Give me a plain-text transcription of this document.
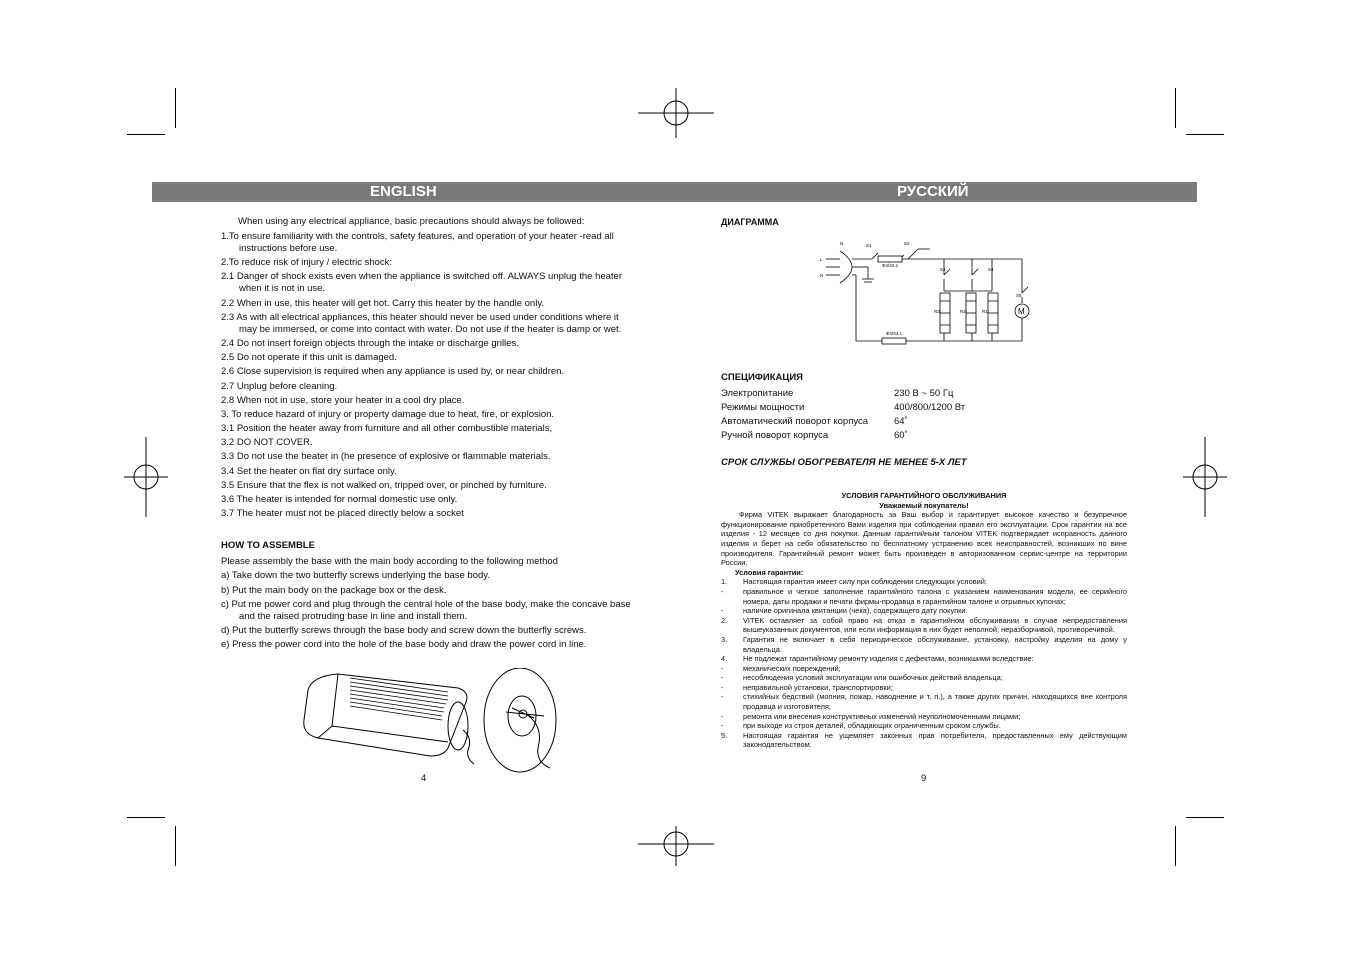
ENGLISH	РУССКИЙ

When using any electrical appliance, basic precautions should always be followed:

1.To ensure familiarity with the controls, safety features, and operation of your heater -read all instructions before use.

2.To reduce risk of injury / electric shock:

2.1 Danger of shock exists even when the appliance is switched off. ALWAYS unplug the heater when it is not in use.

2.2 When in use, this heater will get hot. Carry this heater by the handle only.

2.3 As with all electrical appliances, this heater should never be used under conditions where it may be immersed, or come into contact with water. Do not use if the heater is damp or wet.

2.4 Do not insert foreign objects through the intake or discharge grilles.

2.5 Do not operate if this unit is damaged.

2.6 Close supervision is required when any appliance is used by, or near children.

2.7 Unplug before cleaning.

2.8 When not in use, store your heater in a cool dry place.

3. To reduce hazard of injury or property damage due to heat, fire, or explosion.

3.1 Position the heater away from furniture and all other combustible materials,

3.2 DO NOT COVER.

3.3 Do not use the heater in (he presence of explosive or flammable materials.

3.4 Set the heater on flat dry surface only.

3.5 Ensure that the flex is not walked on, tripped over, or pinched by furniture.

3.6 The heater is intended for normal domestic use only.

3.7 The heater must not be placed directly below a socket

HOW TO ASSEMBLE

Please assembly the base with the main body according to the following method

a) Take down the two butterfly screws underlying the base body.

b) Put the main body on the package box or the desk.

c) Put me power cord and plug through the central hole of the base body, make the concave base and the raised protruding base in line and install them.

d) Put the butterfly screws through the base body and screw down the butterfly screws.

e) Press the power cord into the hole of the base body and draw the power cord in line.

4
ДИАГРАММА
N
L
N
S1	S2
S3	S4
S5
R3	R2	R1
Ф4/34.2
Ф4/34.1
M
СПЕЦИФИКАЦИЯ
Электропитание	230 В ~ 50 Гц
Режимы мощности	400/800/1200 Вт
Автоматический поворот корпуса	64˚
Ручной поворот корпуса	60˚
СРОК СЛУЖБЫ ОБОГРЕВАТЕЛЯ НЕ МЕНЕЕ 5-Х ЛЕТ
УСЛОВИЯ ГАРАНТИЙНОГО ОБСЛУЖИВАНИЯ
Уважаемый покупатель!

Фирма VITEK выражает благодарность за Ваш выбор и гарантирует высокое качество и безупречное функционирование приобретенного Вами изделия при соблюдении правил его эксплуатации. Срок гарантии на все изделия - 12 месяцев со дня покупки. Данным гарантийным талоном VITEK подтверждает исправность данного изделия и берет на себя обязательство по бесплатному устранению всех неисправностей, возникших по вине производителя. Гарантийный ремонт может быть произведен в авторизованном сервис-центре на территории России.

Условия гарантии:
1. Настоящая гарантия имеет силу при соблюдении следующих условий:
-	правильное и четкое заполнение гарантийного талона с указанием наименования модели, ее серийного номера, даты продажи и печати фирмы-продавца в гарантийном талоне и отрывных купонах;
-	наличие оригинала квитанции (чека), содержащего дату покупки.
2. VITEK оставляет за собой право на отказ в гарантийном обслуживании в случае непредоставления вышеуказанных документов, или если информация в них будет неполной, неразборчивой, противоречивой.
3. Гарантия не включает в себя периодическое обслуживание, установку, настройку изделия на дому у владельца.
4. Не подлежат гарантийному ремонту изделия с дефектами, возникшими вследствие:
-	механических повреждений;
-	несоблюдения условий эксплуатации или ошибочных действий владельца;
-	неправильной установки, транспортировки;
-	стихийных бедствий (молния, пожар, наводнение и т. п.), а также других причин, находящихся вне контроля продавца и изготовителя;
-	ремонта или внесения конструктивных изменений неуполномоченными лицами;
-	при выходе из строя деталей, обладающих ограниченным сроком службы.
5. Настоящая гарантия не ущемляет законных прав потребителя, предоставленных ему действующим законодательством.
9
